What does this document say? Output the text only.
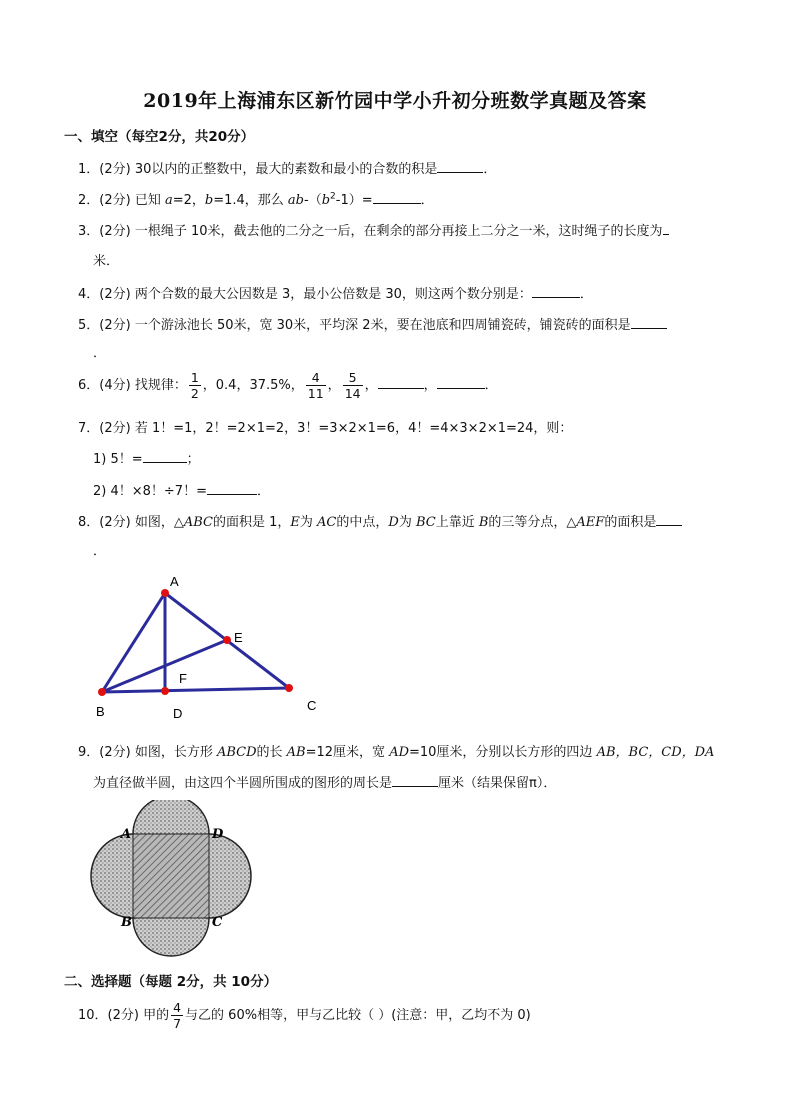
2019年上海浦东区新竹园中学小升初分班数学真题及答案
一、填空（每空2分，共20分）
1．(2分) 30以内的正整数中，最大的素数和最小的合数的积是	．
2．(2分) 已知 a=2，b=1.4，那么 $ab-(b^2-1)=$	．
3．(2分) 一根绳子 10米，截去他的二分之一后，在剩余的部分再接上二分之一米，这时绳子的长度为
米．
4．(2分) 两个合数的最大公因数是 3，最小公倍数是 30，则这两个数分别是：	．
5．(2分) 一个游泳池长 50米，宽 30米，平均深 2米，要在池底和四周铺瓷砖，铺瓷砖的面积是
．
6．(4分) 找规律： $\frac{1}{2}$ ，0.4，37.5%， $\frac{4}{11}$ ， $\frac{5}{14}$ ，	，	．
7．(2分) 若 1！=1，2！=2×1=2，3！=3×2×1=6，4！=4×3×2×1=24，则：
1) 5！=	；
2) 4！×8！÷7！=	．
8．(2分) 如图，△ABC的面积是 1，E为 AC的中点，D为 BC上靠近 B的三等分点，△AEF的面积是
．
A
B	C
D
E
F
9．(2分) 如图，长方形 ABCD的长 AB=12厘米，宽 AD=10厘米，分别以长方形的四边 AB，BC，CD，DA
为直径做半圆，由这四个半圆所围成的图形的周长是	厘米（结果保留π）．
A	D
B	C
二、选择题（每题 2分，共 10分）
10．(2分) 甲的 $\frac{4}{7}$ 与乙的 60%相等，甲与乙比较（ ）(注意：甲，乙均不为 0)
